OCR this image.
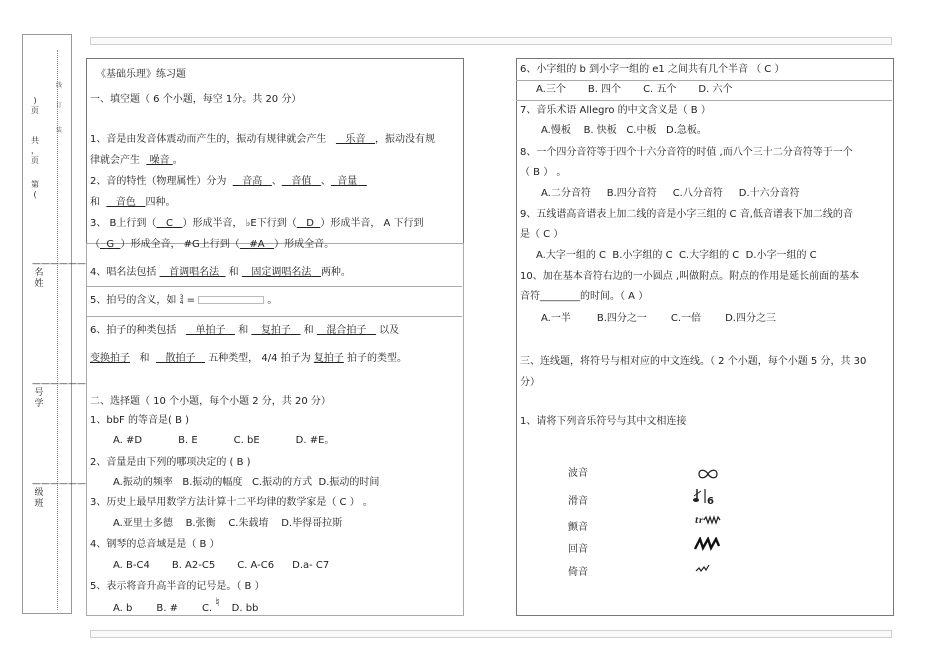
)
页
共
，
页
第
(
——————
名姓
——————
号学
——————
级班
线
订
装
《基础乐理》练习题
一、填空题（ 6 个小题，每空 1分。共 20 分）
1、音是由发音体震动而产生的，振动有规律就会产生 乐音 ，振动没有规
律就会产生 噪音 。
2、音的特性（物理属性）分为 音高 、 音值 、 音量
和 音色 四种。
3、 B上行到（ C ）形成半音， ♭E下行到（ D ）形成半音， A 下行到
（ G ）形成全音， #G上行到（ #A ）形成全音。
4、唱名法包括 首调唱名法 和 固定调唱名法 两种。
5、拍号的含义，如 3
4 =	。
6、拍子的种类包括 单拍子 和 复拍子 和 混合拍子 以及
变换拍子 和 散拍子 五种类型， 4/4 拍子为 复拍子 拍子的类型。
二、选择题（ 10 个小题，每个小题 2 分，共 20 分）
1、bbF 的等音是( B )
A. #D	B. E	C. bE	D. #E。
2、音量是由下列的哪项决定的 ( B )
A.振动的频率 B.振动的幅度 C.振动的方式 D.振动的时间
3、历史上最早用数学方法计算十二平均律的数学家是（ C ） 。
A.亚里士多德 B.张衡 C.朱载堉 D.毕得哥拉斯
4、钢琴的总音域是是（ B ）
A. B-C4 B. A2-C5 C. A-C6 D.a- C7
5、表示将音升高半音的记号是。（ B ）
A. b B. # C. ♮ D. bb
6、小字组的 b 到小字一组的 e1 之间共有几个半音 （ C ）
A.三个 B. 四个 C. 五个 D. 六个
7、音乐术语 Allegro 的中文含义是（ B ）
A.慢板 B. 快板 C.中板 D.急板。
8、一个四分音符等于四个十六分音符的时值 ,而八个三十二分音符等于一个
（ B ） 。
A.二分音符 B.四分音符 C.八分音符 D.十六分音符
9、五线谱高音谱表上加二线的音是小字三组的 C 音,低音谱表下加二线的音
是（ C ）
A.大字一组的 C B.小字组的 C C.大字组的 C D.小字一组的 C
10、加在基本音符右边的一小圆点 ,叫做附点。附点的作用是延长前面的基本
音符________的时间。（ A ）
A.一半	B.四分之一 C.一倍 D.四分之三
三、连线题，将符号与相对应的中文连线。（ 2 个小题，每个小题 5 分，共 30
分）
1、请将下列音乐符号与其中文相连接
波音
滑音
颤音
回音
倚音
6
tr
